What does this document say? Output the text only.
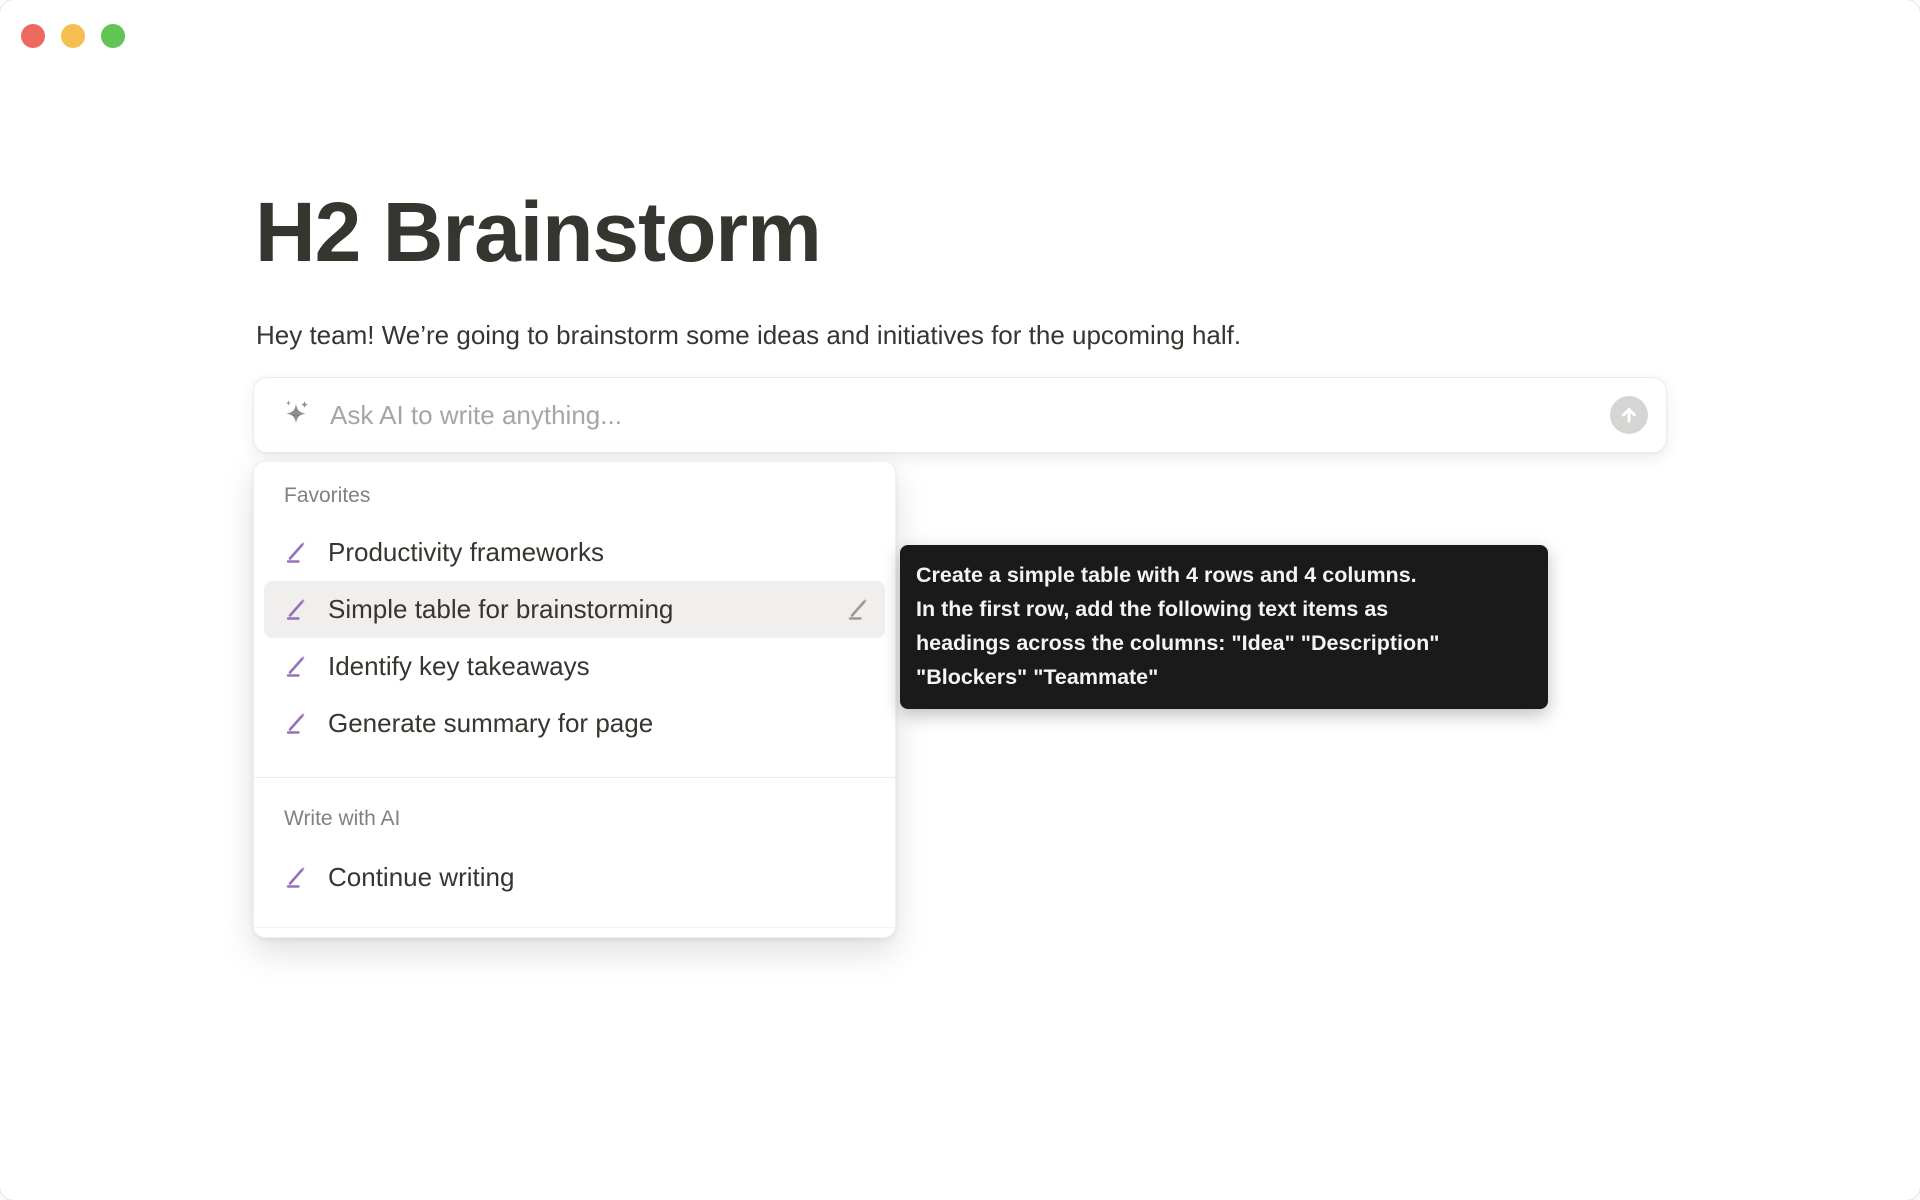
H2 Brainstorm

Hey team! We’re going to brainstorm some ideas and initiatives for the upcoming half.

Ask AI to write anything...
Favorites
Productivity frameworks
Simple table for brainstorming
Identify key takeaways
Generate summary for page
Write with AI
Continue writing
Create a simple table with 4 rows and 4 columns.
In the first row, add the following text items as
headings across the columns: "Idea" "Description"
"Blockers" "Teammate"
